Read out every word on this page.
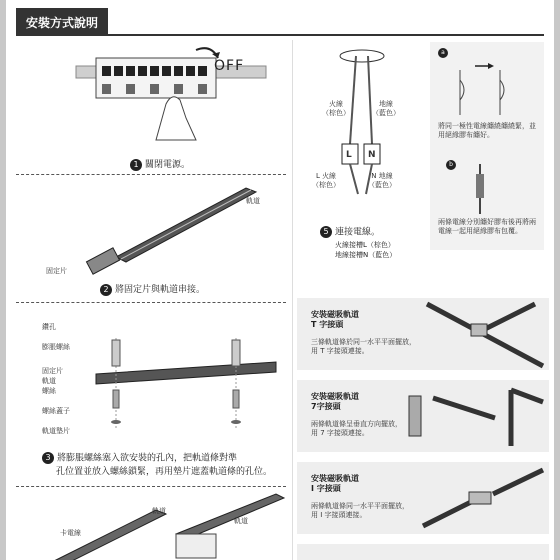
安裝方式說明
OFF
1 關閉電源。
軌道
固定片
2 將固定片與軌道串接。
鑽孔
膨脹螺絲
固定片
軌道
螺絲
螺絲蓋子
軌道墊片
3 將膨脹螺絲塞入欲安裝的孔內，把軌道條對準
孔位置並放入螺絲鎖緊，再用墊片遮蓋軌道條的孔位。
卡電線
軌道
軌道
L N
火線
（棕色）
地線
（藍色）
L 火線
（棕色）
N 地線
（藍色）
5 連接電線。
火線接槽L（棕色）
地線接槽N（藍色）
a
將同一極性電線纏繞纏繞緊，並用絕緣膠布纏好。
b
兩條電線分別纏好膠布後再將兩電線一起用絕緣膠布包覆。
安裝磁吸軌道
T 字接頭
三條軌道條於同一水平平面擺放，
用 T 字接頭連接。
安裝磁吸軌道
7字接頭
兩條軌道條呈垂直方向擺放，
用 7 字接頭連接。
安裝磁吸軌道
I 字接頭
兩條軌道條同一水平平面擺放，
用 I 字接頭連接。
